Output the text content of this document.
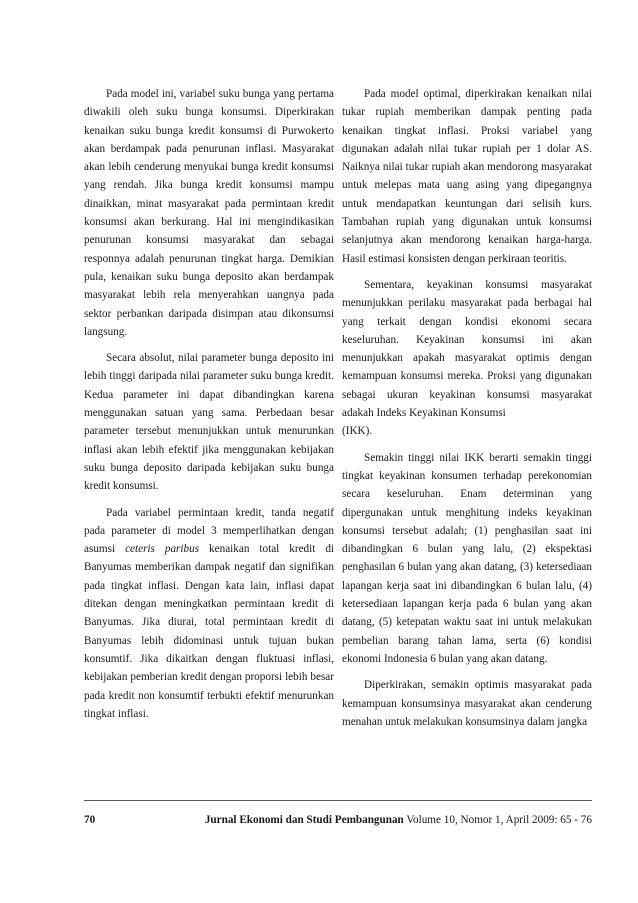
Pada model ini, variabel suku bunga yang pertama diwakili oleh suku bunga konsumsi. Diperkirakan kenaikan suku bunga kredit konsumsi di Purwokerto akan berdampak pada penurunan inflasi. Masyarakat akan lebih cenderung menyukai bunga kredit konsumsi yang rendah. Jika bunga kredit konsumsi mampu dinaikkan, minat masyarakat pada permintaan kredit konsumsi akan berkurang. Hal ini mengindikasikan penurunan konsumsi masyarakat dan sebagai responnya adalah penurunan tingkat harga. Demikian pula, kenaikan suku bunga deposito akan berdampak masyarakat lebih rela menyerahkan uangnya pada sektor perbankan daripada disimpan atau dikonsumsi langsung.

Secara absolut, nilai parameter bunga deposito ini lebih tinggi daripada nilai parameter suku bunga kredit. Kedua parameter ini dapat dibandingkan karena menggunakan satuan yang sama. Perbedaan besar parameter tersebut menunjukkan untuk menurunkan inflasi akan lebih efektif jika menggunakan kebijakan suku bunga deposito daripada kebijakan suku bunga kredit konsumsi.

Pada variabel permintaan kredit, tanda negatif pada parameter di model 3 memperlihatkan dengan asumsi ceteris paribus kenaikan total kredit di Banyumas memberikan dampak negatif dan signifikan pada tingkat inflasi. Dengan kata lain, inflasi dapat ditekan dengan meningkatkan permintaan kredit di Banyumas. Jika diurai, total permintaan kredit di Banyumas lebih didominasi untuk tujuan bukan konsumtif. Jika dikaitkan dengan fluktuasi inflasi, kebijakan pemberian kredit dengan proporsi lebih besar pada kredit non konsumtif terbukti efektif menurunkan tingkat inflasi.

Pada model optimal, diperkirakan kenaikan nilai tukar rupiah memberikan dampak penting pada kenaikan tingkat inflasi. Proksi variabel yang digunakan adalah nilai tukar rupiah per 1 dolar AS. Naiknya nilai tukar rupiah akan mendorong masyarakat untuk melepas mata uang asing yang dipegangnya untuk mendapatkan keuntungan dari selisih kurs. Tambahan rupiah yang digunakan untuk konsumsi selanjutnya akan mendorong kenaikan harga-harga. Hasil estimasi konsisten dengan perkiraan teoritis.

Sementara, keyakinan konsumsi masyarakat menunjukkan perilaku masyarakat pada berbagai hal yang terkait dengan kondisi ekonomi secara keseluruhan. Keyakinan konsumsi ini akan menunjukkan apakah masyarakat optimis dengan kemampuan konsumsi mereka. Proksi yang digunakan sebagai ukuran keyakinan konsumsi masyarakat adakah Indeks Keyakinan Konsumsi

(IKK).

Semakin tinggi nilai IKK berarti semakin tinggi tingkat keyakinan konsumen terhadap perekonomian secara keseluruhan. Enam determinan yang dipergunakan untuk menghitung indeks keyakinan konsumsi tersebut adalah; (1) penghasilan saat ini dibandingkan 6 bulan yang lalu, (2) ekspektasi penghasilan 6 bulan yang akan datang, (3) ketersediaan lapangan kerja saat ini dibandingkan 6 bulan lalu, (4) ketersediaan lapangan kerja pada 6 bulan yang akan datang, (5) ketepatan waktu saat ini untuk melakukan pembelian barang tahan lama, serta (6) kondisi ekonomi Indonesia 6 bulan yang akan datang.

Diperkirakan, semakin optimis masyarakat pada kemampuan konsumsinya masyarakat akan cenderung menahan untuk melakukan konsumsinya dalam jangka

70	Jurnal Ekonomi dan Studi Pembangunan Volume 10, Nomor 1, April 2009: 65 - 76
